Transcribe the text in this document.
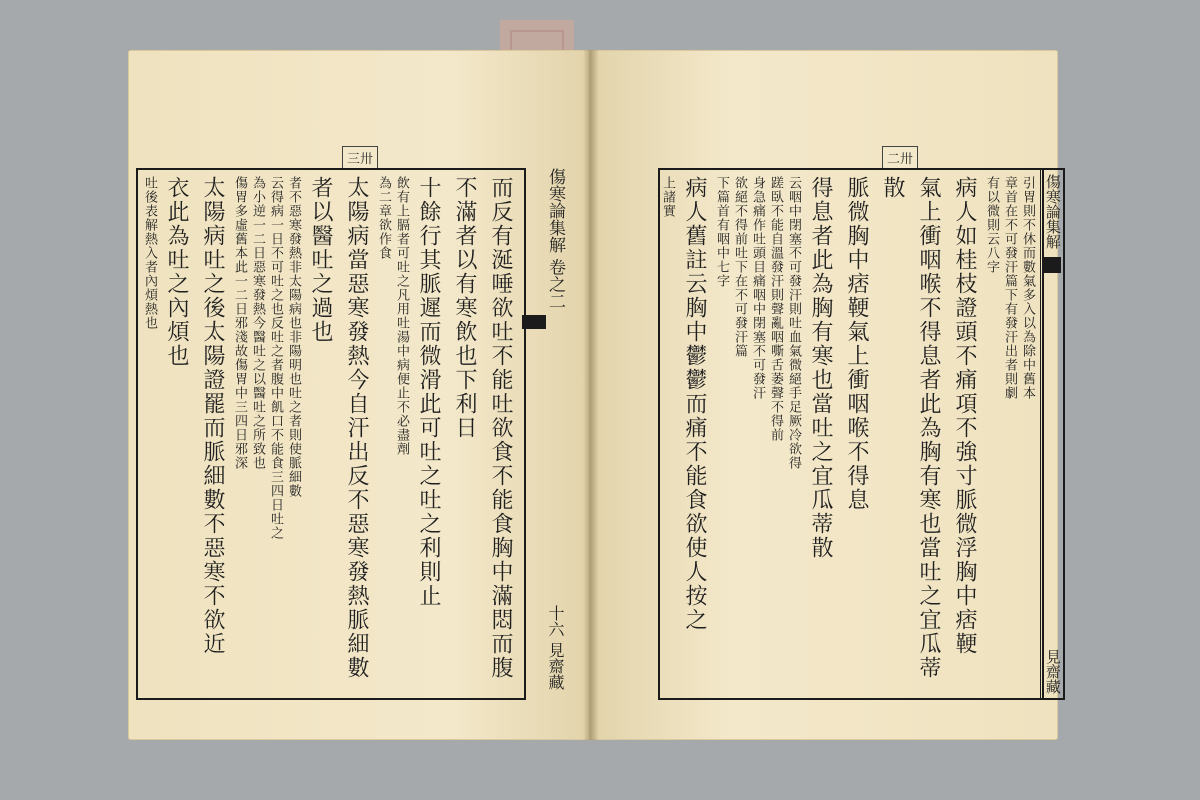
三卅
而反有涎唾欲吐不能吐欲食不能食胸中滿悶而腹不滿者以有寒飲也下利日
十餘行其脈遲而微滑此可吐之吐之利則止
飲有上膈者可吐之凡用吐湯中病便止不必盡劑
為二章欲作食
太陽病當惡寒發熱今自汗出反不惡寒發熱脈細數
者以醫吐之過也
者不惡寒發熱非太陽病也非陽明也吐之者則使脈細數
云得病一日不可吐之也反吐之者腹中飢口不能食三四日吐之
為小逆一二日惡寒發熱今醫吐之以醫吐之所致也
傷胃多虛舊本此一二日邪淺故傷胃中三四日邪深
太陽病吐之後太陽證罷而脈細數不惡寒不欲近
衣此為吐之內煩也
吐後表解熱入者內煩熱也	傷寒論集解 卷之二
十六 見齋藏
二卅
引胃則不休而數氣多入以為除中舊本
章首在不可發汗篇下有發汗出者則劇
有以微則云八字
病人如桂枝證頭不痛項不強寸脈微浮胸中痞鞕
氣上衝咽喉不得息者此為胸有寒也當吐之宜瓜蒂散
脈微胸中痞鞕氣上衝咽喉不得息
得息者此為胸有寒也當吐之宜瓜蒂散
云咽中閉塞不可發汗則吐血氣微絕手足厥冷欲得
蹉臥不能自溫發汗則聲亂咽嘶舌萎聲不得前
身急痛作吐頭目痛咽中閉塞不可發汗
欲絕不得前吐下在不可發汗篇
下篇首有咽中七字
病人舊註云胸中鬱鬱而痛不能食欲使人按之
上諸實	傷寒論集解
見齋藏
